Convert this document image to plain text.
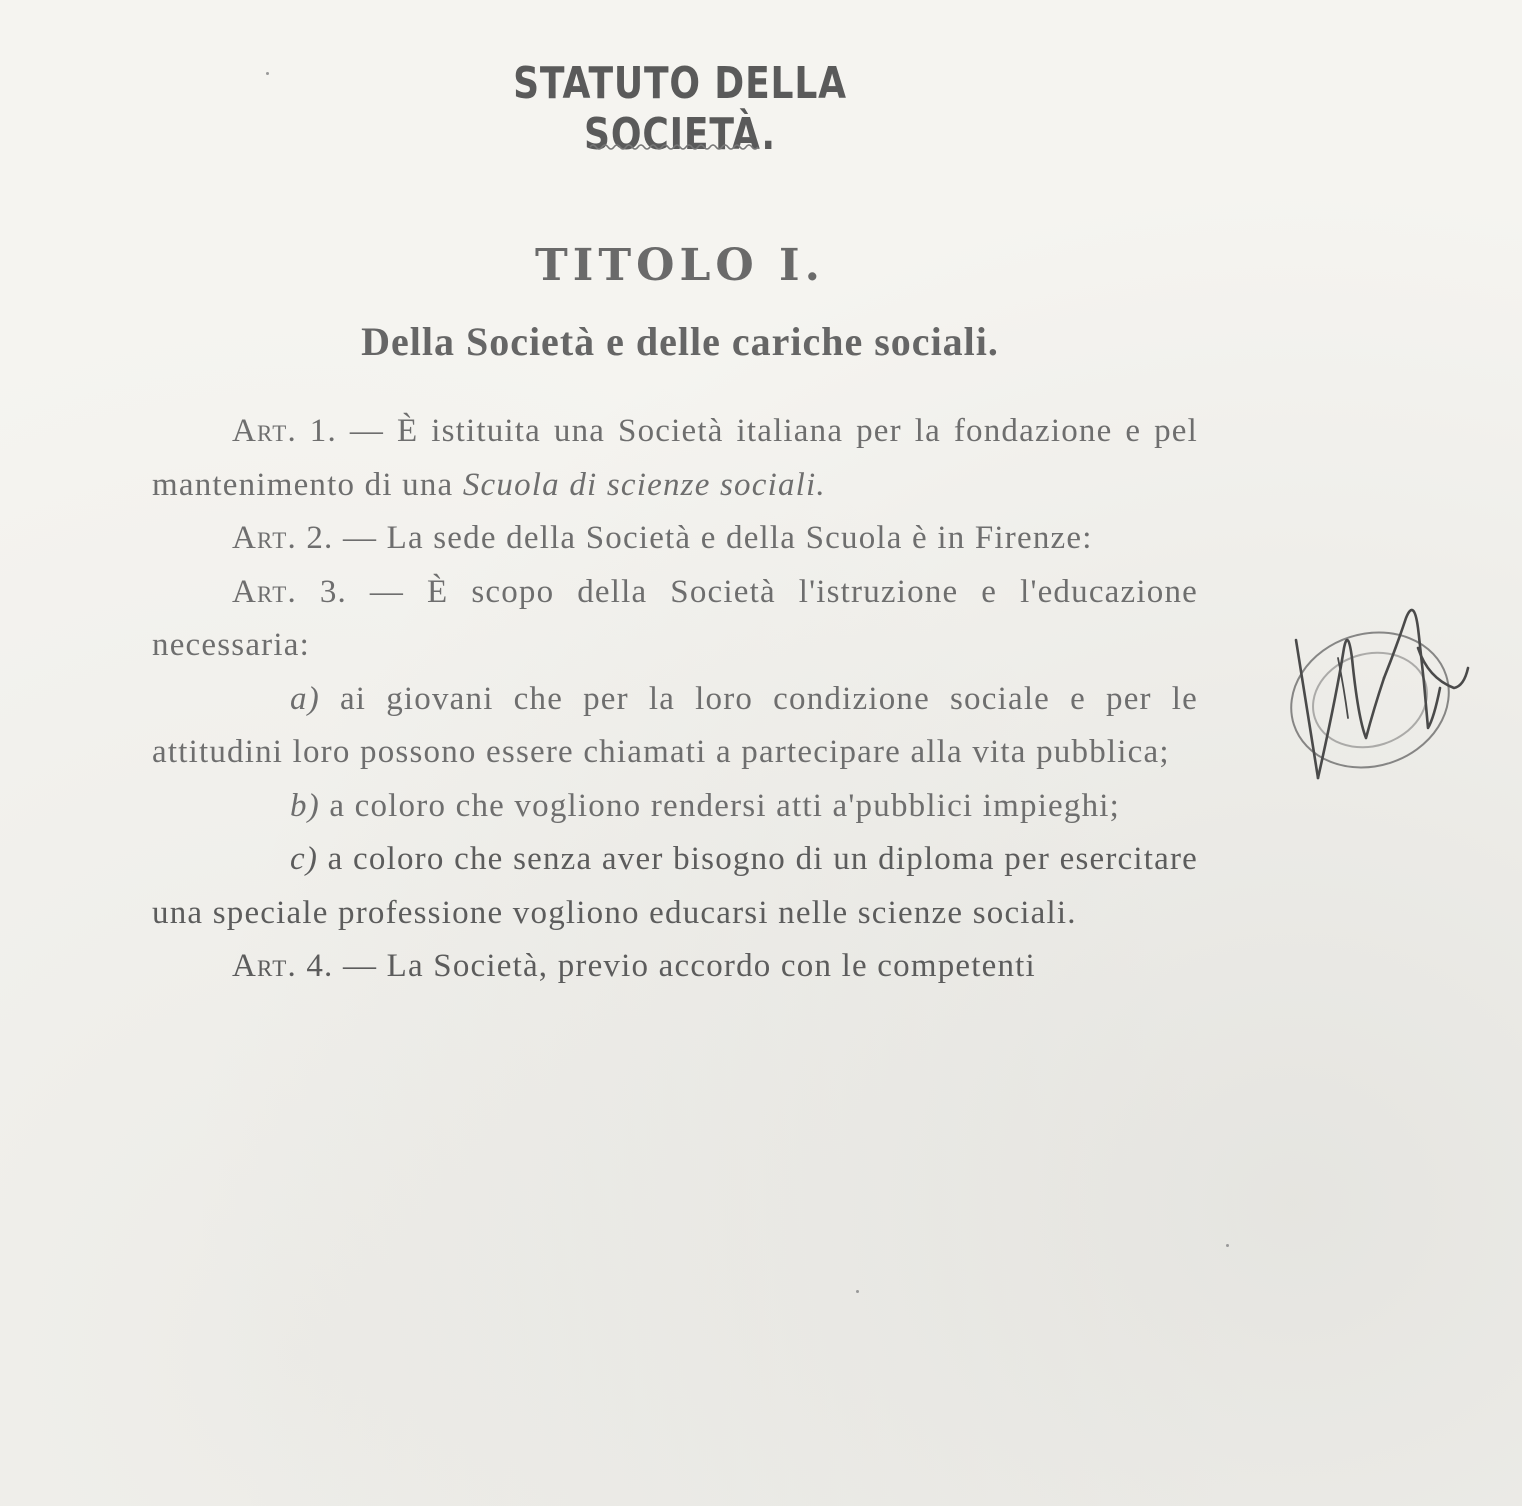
STATUTO DELLA SOCIETÀ.
TITOLO I.
Della Società e delle cariche sociali.

Art. 1. — È istituita una Società italiana per la fondazione e pel mantenimento di una Scuola di scienze sociali.

Art. 2. — La sede della Società e della Scuola è in Firenze:

Art. 3. — È scopo della Società l'istruzione e l'educazione necessaria:

a) ai giovani che per la loro condizione sociale e per le attitudini loro possono essere chiamati a partecipare alla vita pubblica;

b) a coloro che vogliono rendersi atti a'pubblici impieghi;

c) a coloro che senza aver bisogno di un diploma per esercitare una speciale professione vogliono educarsi nelle scienze sociali.

Art. 4. — La Società, previo accordo con le competenti
